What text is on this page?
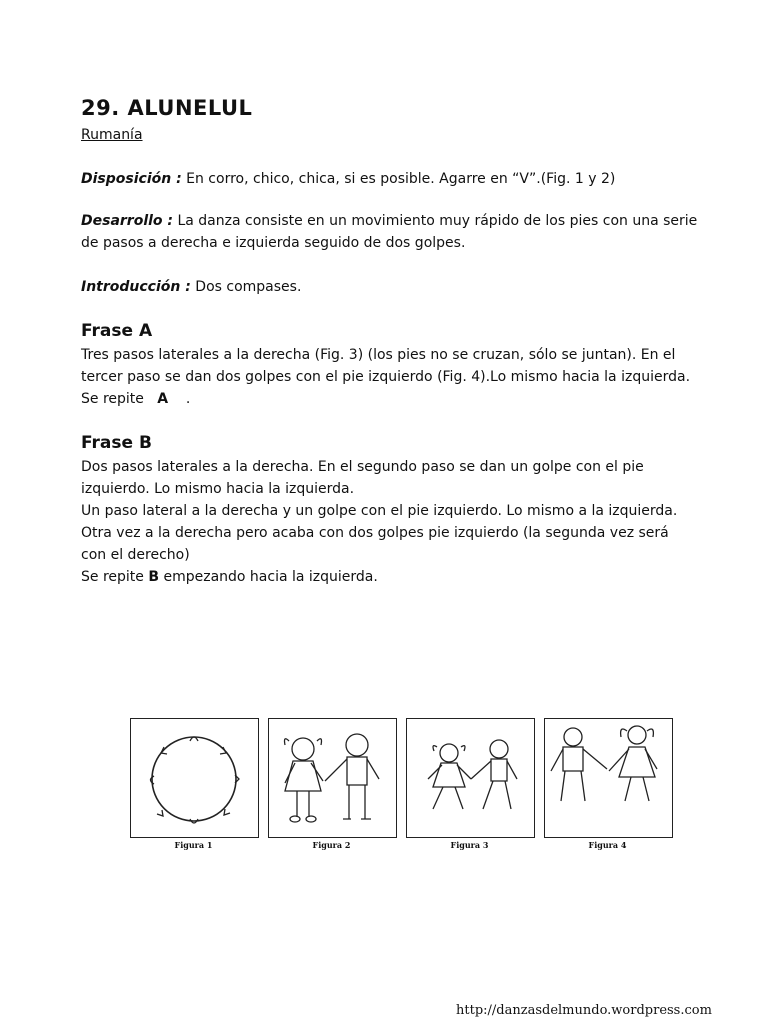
29. ALUNELUL
Rumanía
Disposición : En corro, chico, chica, si es posible. Agarre en “V”.(Fig. 1 y 2)
Desarrollo : La danza consiste en un movimiento muy rápido de los pies con una serie de pasos a derecha e izquierda seguido de dos golpes.
Introducción : Dos compases.
Frase A
Tres pasos laterales a la derecha (Fig. 3) (los pies no se cruzan, sólo se juntan). En el
tercer paso se dan dos golpes con el pie izquierdo (Fig. 4).Lo mismo hacia la izquierda.
Se repite A .
Frase B
Dos pasos laterales a la derecha. En el segundo paso se dan un golpe con el pie
izquierdo. Lo mismo hacia la izquierda.
Un paso lateral a la derecha y un golpe con el pie izquierdo. Lo mismo a la izquierda.
Otra vez a la derecha pero acaba con dos golpes pie izquierdo (la segunda vez será
con el derecho)
Se repite B empezando hacia la izquierda.
Figura 1	Figura 2	Figura 3	Figura 4
http://danzasdelmundo.wordpress.com
